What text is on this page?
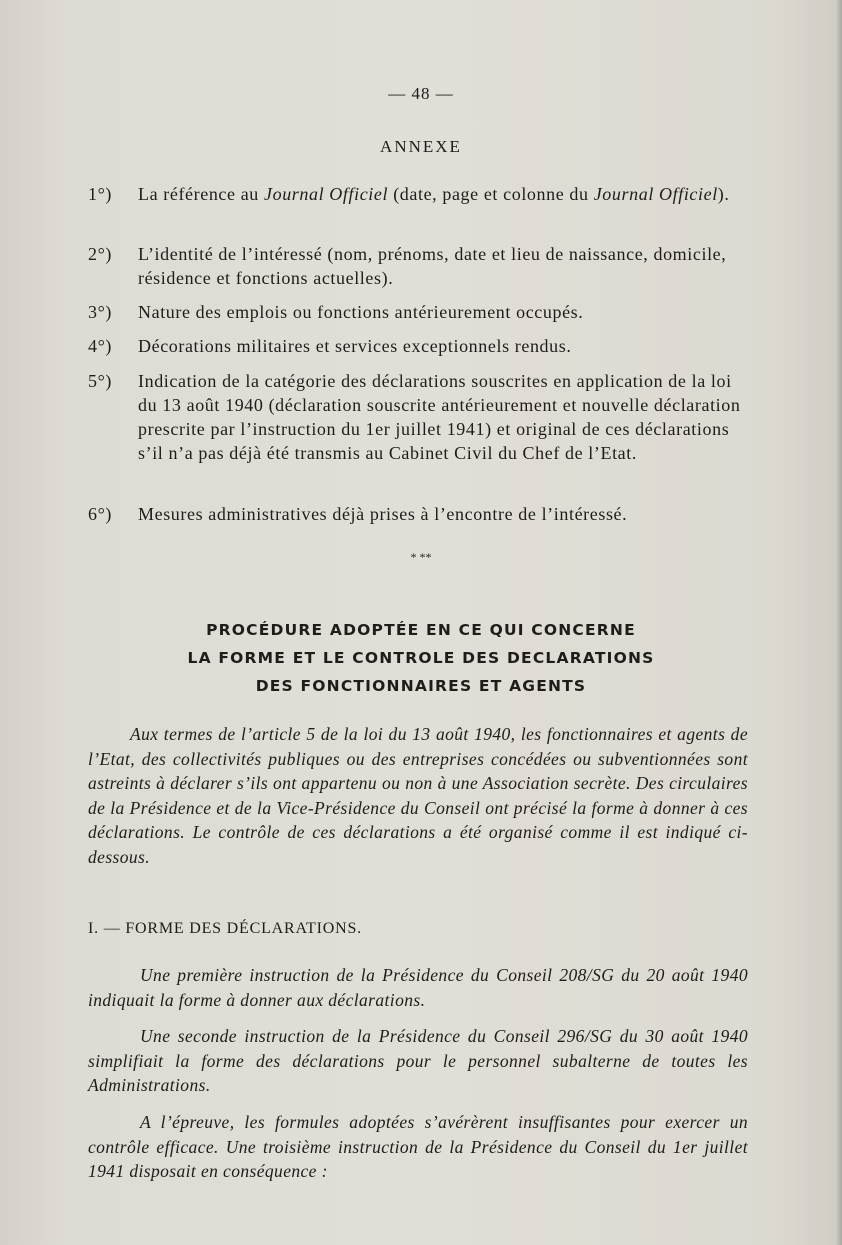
— 48 —
ANNEXE
1°)	La référence au Journal Officiel (date, page et colonne du Journal Officiel).
2°)	L’identité de l’intéressé (nom, prénoms, date et lieu de naissance, domicile, résidence et fonctions actuelles).
3°)	Nature des emplois ou fonctions antérieurement occupés.
4°)	Décorations militaires et services exceptionnels rendus.
5°)	Indication de la catégorie des déclarations souscrites en application de la loi du 13 août 1940 (déclaration souscrite antérieurement et nouvelle déclaration prescrite par l’instruction du 1er juillet 1941) et original de ces déclarations s’il n’a pas déjà été transmis au Cabinet Civil du Chef de l’Etat.
6°)	Mesures administratives déjà prises à l’encontre de l’intéressé.
* **
PROCÉDURE ADOPTÉE EN CE QUI CONCERNE
LA FORME ET LE CONTROLE DES DECLARATIONS
DES FONCTIONNAIRES ET AGENTS
Aux termes de l’article 5 de la loi du 13 août 1940, les fonctionnaires et agents de l’Etat, des collectivités publiques ou des entreprises concédées ou subventionnées sont astreints à déclarer s’ils ont appartenu ou non à une Association secrète. Des circulaires de la Présidence et de la Vice-Présidence du Conseil ont précisé la forme à donner à ces déclarations. Le contrôle de ces déclarations a été organisé comme il est indiqué ci-dessous.
I. — FORME DES DÉCLARATIONS.
Une première instruction de la Présidence du Conseil 208/SG du 20 août 1940 indiquait la forme à donner aux déclarations.
Une seconde instruction de la Présidence du Conseil 296/SG du 30 août 1940 simplifiait la forme des déclarations pour le personnel subalterne de toutes les Administrations.
A l’épreuve, les formules adoptées s’avérèrent insuffisantes pour exercer un contrôle efficace. Une troisième instruction de la Présidence du Conseil du 1er juillet 1941 disposait en conséquence :
